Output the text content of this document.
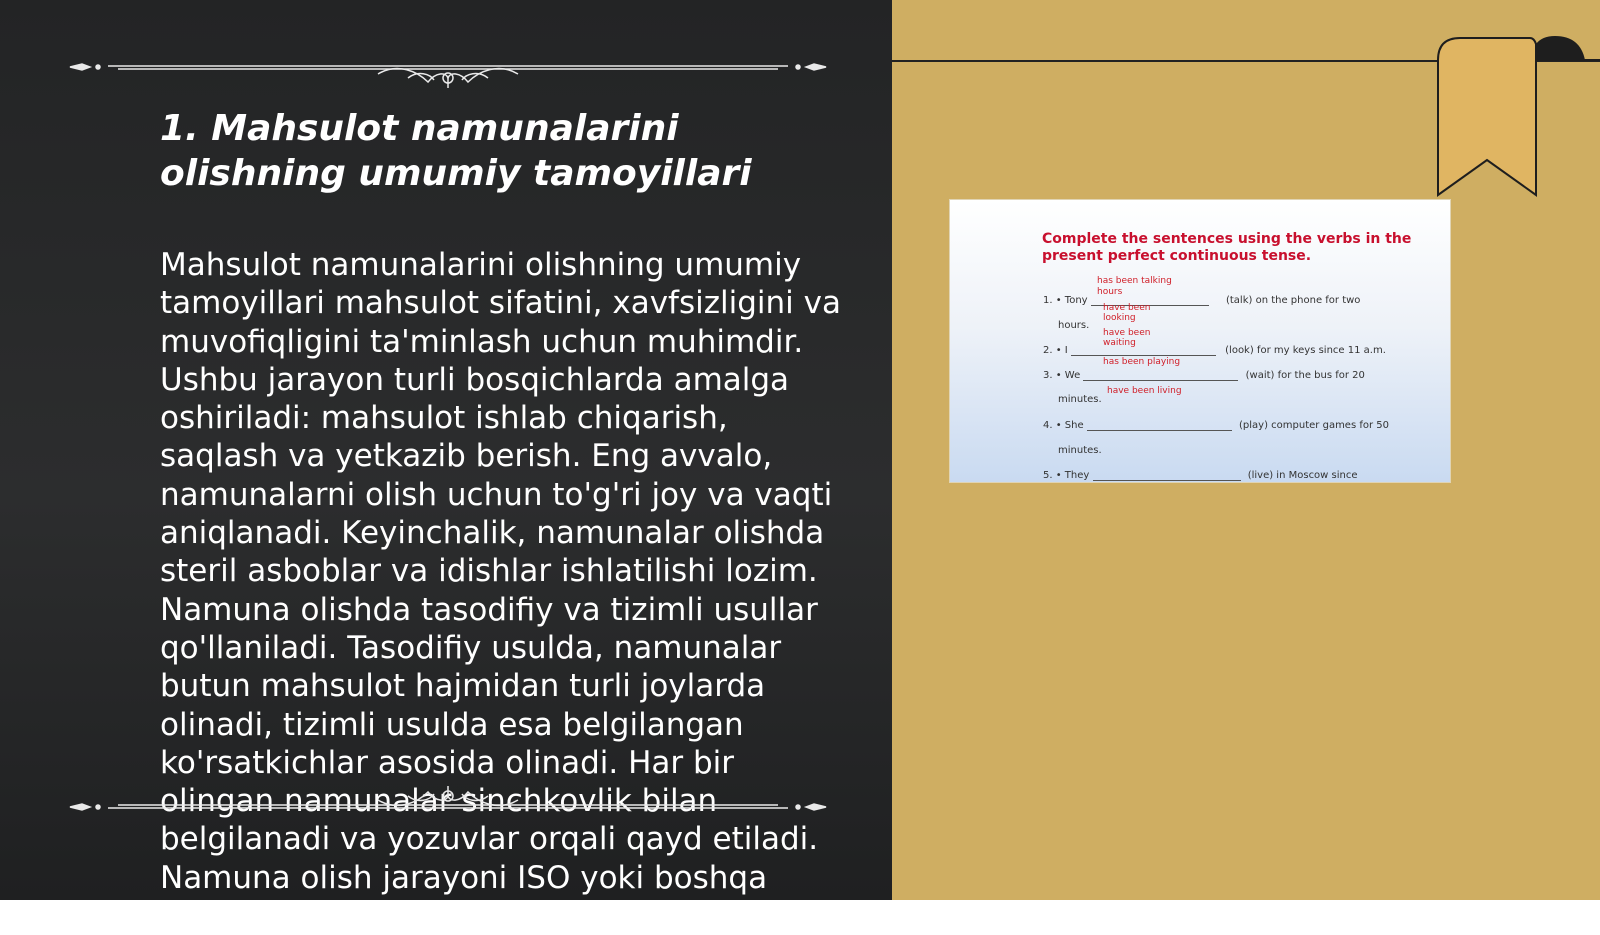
1. Mahsulot namunalarini olishning umumiy tamoyillari

Mahsulot namunalarini olishning umumiy tamoyillari mahsulot sifatini, xavfsizligini va muvofiqligini ta'minlash uchun muhimdir. Ushbu jarayon turli bosqichlarda amalga oshiriladi: mahsulot ishlab chiqarish, saqlash va yetkazib berish. Eng avvalo, namunalarni olish uchun to'g'ri joy va vaqti aniqlanadi. Keyinchalik, namunalar olishda steril asboblar va idishlar ishlatilishi lozim. Namuna olishda tasodifiy va tizimli usullar qo'llaniladi. Tasodifiy usulda, namunalar butun mahsulot hajmidan turli joylarda olinadi, tizimli usulda esa belgilangan ko'rsatkichlar asosida olinadi. Har bir olingan namunalar sinchkovlik bilan belgilanadi va yozuvlar orqali qayd etiladi. Namuna olish jarayoni ISO yoki boshqa xalqaro

Complete the sentences using the verbs in the present perfect continuous tense.

has been talking
hours
1. • Tony	(talk) on the phone for two
have been
looking
hours.
have been
waiting
2. • I	(look) for my keys since 11 a.m.
has been playing
3. • We	(wait) for the bus for 20
minutes.
have been living
4. • She	(play) computer games for 50
minutes.
5. • They	(live) in Moscow since
